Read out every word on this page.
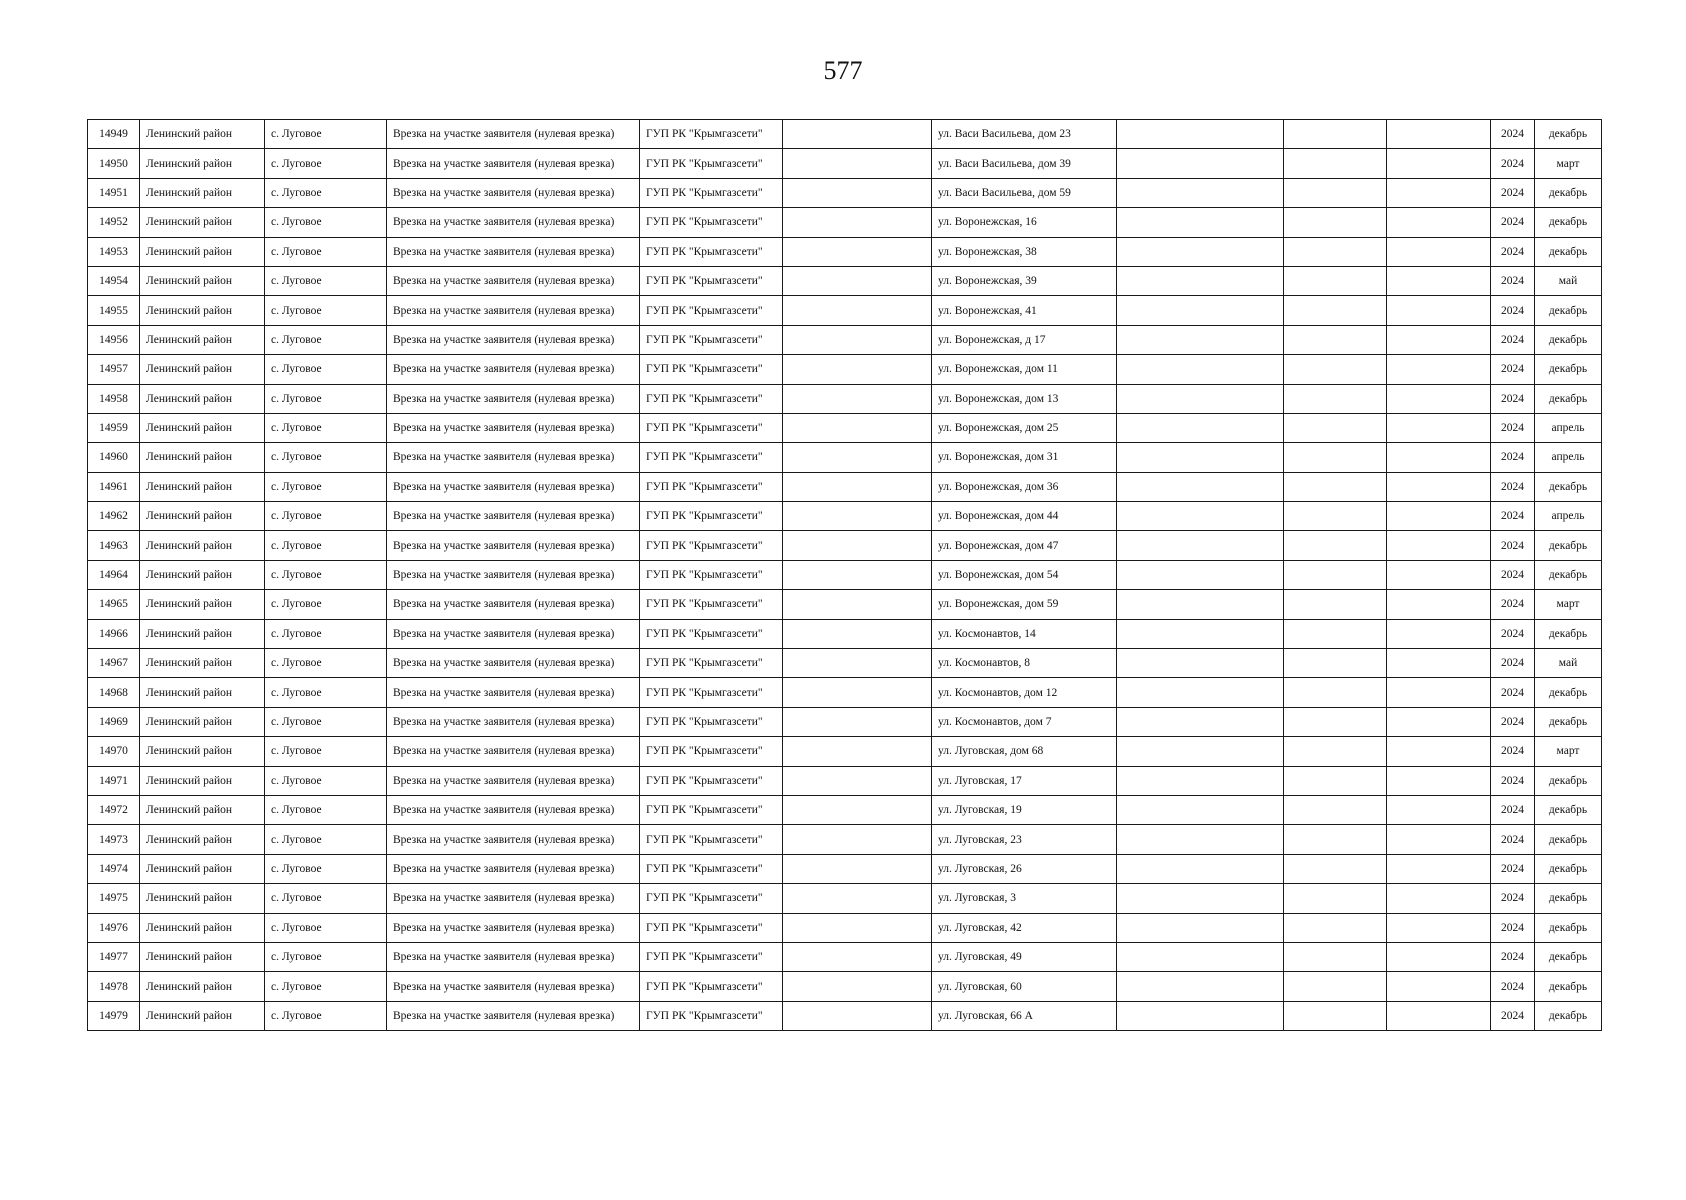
577
14949	Ленинский район	с. Луговое	Врезка на участке заявителя (нулевая врезка)	ГУП РК "Крымгазсети"		ул. Васи Васильева, дом 23				2024	декабрь
14950	Ленинский район	с. Луговое	Врезка на участке заявителя (нулевая врезка)	ГУП РК "Крымгазсети"		ул. Васи Васильева, дом 39				2024	март
14951	Ленинский район	с. Луговое	Врезка на участке заявителя (нулевая врезка)	ГУП РК "Крымгазсети"		ул. Васи Васильева, дом 59				2024	декабрь
14952	Ленинский район	с. Луговое	Врезка на участке заявителя (нулевая врезка)	ГУП РК "Крымгазсети"		ул. Воронежская, 16				2024	декабрь
14953	Ленинский район	с. Луговое	Врезка на участке заявителя (нулевая врезка)	ГУП РК "Крымгазсети"		ул. Воронежская, 38				2024	декабрь
14954	Ленинский район	с. Луговое	Врезка на участке заявителя (нулевая врезка)	ГУП РК "Крымгазсети"		ул. Воронежская, 39				2024	май
14955	Ленинский район	с. Луговое	Врезка на участке заявителя (нулевая врезка)	ГУП РК "Крымгазсети"		ул. Воронежская, 41				2024	декабрь
14956	Ленинский район	с. Луговое	Врезка на участке заявителя (нулевая врезка)	ГУП РК "Крымгазсети"		ул. Воронежская, д 17				2024	декабрь
14957	Ленинский район	с. Луговое	Врезка на участке заявителя (нулевая врезка)	ГУП РК "Крымгазсети"		ул. Воронежская, дом 11				2024	декабрь
14958	Ленинский район	с. Луговое	Врезка на участке заявителя (нулевая врезка)	ГУП РК "Крымгазсети"		ул. Воронежская, дом 13				2024	декабрь
14959	Ленинский район	с. Луговое	Врезка на участке заявителя (нулевая врезка)	ГУП РК "Крымгазсети"		ул. Воронежская, дом 25				2024	апрель
14960	Ленинский район	с. Луговое	Врезка на участке заявителя (нулевая врезка)	ГУП РК "Крымгазсети"		ул. Воронежская, дом 31				2024	апрель
14961	Ленинский район	с. Луговое	Врезка на участке заявителя (нулевая врезка)	ГУП РК "Крымгазсети"		ул. Воронежская, дом 36				2024	декабрь
14962	Ленинский район	с. Луговое	Врезка на участке заявителя (нулевая врезка)	ГУП РК "Крымгазсети"		ул. Воронежская, дом 44				2024	апрель
14963	Ленинский район	с. Луговое	Врезка на участке заявителя (нулевая врезка)	ГУП РК "Крымгазсети"		ул. Воронежская, дом 47				2024	декабрь
14964	Ленинский район	с. Луговое	Врезка на участке заявителя (нулевая врезка)	ГУП РК "Крымгазсети"		ул. Воронежская, дом 54				2024	декабрь
14965	Ленинский район	с. Луговое	Врезка на участке заявителя (нулевая врезка)	ГУП РК "Крымгазсети"		ул. Воронежская, дом 59				2024	март
14966	Ленинский район	с. Луговое	Врезка на участке заявителя (нулевая врезка)	ГУП РК "Крымгазсети"		ул. Космонавтов, 14				2024	декабрь
14967	Ленинский район	с. Луговое	Врезка на участке заявителя (нулевая врезка)	ГУП РК "Крымгазсети"		ул. Космонавтов, 8				2024	май
14968	Ленинский район	с. Луговое	Врезка на участке заявителя (нулевая врезка)	ГУП РК "Крымгазсети"		ул. Космонавтов, дом 12				2024	декабрь
14969	Ленинский район	с. Луговое	Врезка на участке заявителя (нулевая врезка)	ГУП РК "Крымгазсети"		ул. Космонавтов, дом 7				2024	декабрь
14970	Ленинский район	с. Луговое	Врезка на участке заявителя (нулевая врезка)	ГУП РК "Крымгазсети"		ул. Луговская, дом 68				2024	март
14971	Ленинский район	с. Луговое	Врезка на участке заявителя (нулевая врезка)	ГУП РК "Крымгазсети"		ул. Луговская, 17				2024	декабрь
14972	Ленинский район	с. Луговое	Врезка на участке заявителя (нулевая врезка)	ГУП РК "Крымгазсети"		ул. Луговская, 19				2024	декабрь
14973	Ленинский район	с. Луговое	Врезка на участке заявителя (нулевая врезка)	ГУП РК "Крымгазсети"		ул. Луговская, 23				2024	декабрь
14974	Ленинский район	с. Луговое	Врезка на участке заявителя (нулевая врезка)	ГУП РК "Крымгазсети"		ул. Луговская, 26				2024	декабрь
14975	Ленинский район	с. Луговое	Врезка на участке заявителя (нулевая врезка)	ГУП РК "Крымгазсети"		ул. Луговская, 3				2024	декабрь
14976	Ленинский район	с. Луговое	Врезка на участке заявителя (нулевая врезка)	ГУП РК "Крымгазсети"		ул. Луговская, 42				2024	декабрь
14977	Ленинский район	с. Луговое	Врезка на участке заявителя (нулевая врезка)	ГУП РК "Крымгазсети"		ул. Луговская, 49				2024	декабрь
14978	Ленинский район	с. Луговое	Врезка на участке заявителя (нулевая врезка)	ГУП РК "Крымгазсети"		ул. Луговская, 60				2024	декабрь
14979	Ленинский район	с. Луговое	Врезка на участке заявителя (нулевая врезка)	ГУП РК "Крымгазсети"		ул. Луговская, 66 А				2024	декабрь
